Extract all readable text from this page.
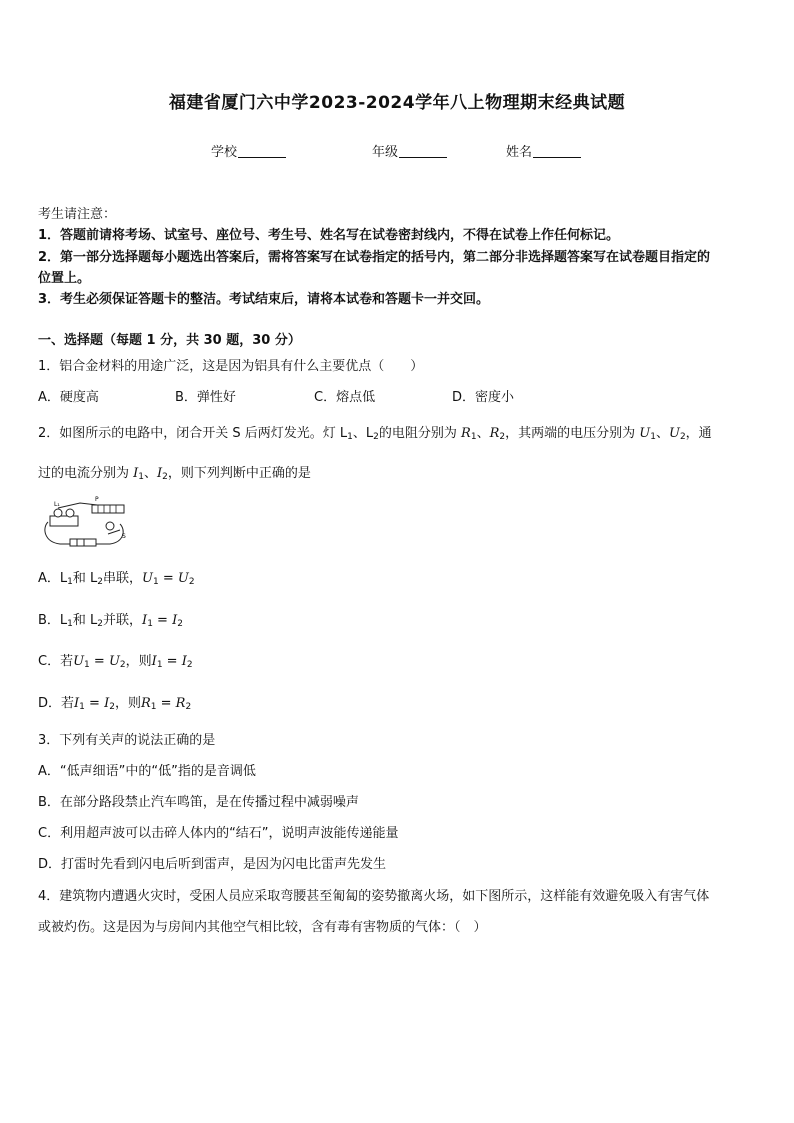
福建省厦门六中学2023-2024学年八上物理期末经典试题
学校	年级	姓名
考生请注意：
1．答题前请将考场、试室号、座位号、考生号、姓名写在试卷密封线内，不得在试卷上作任何标记。
2．第一部分选择题每小题选出答案后，需将答案写在试卷指定的括号内，第二部分非选择题答案写在试卷题目指定的
位置上。
3．考生必须保证答题卡的整洁。考试结束后，请将本试卷和答题卡一并交回。
一、选择题（每题 1 分，共 30 题，30 分）
1．铝合金材料的用途广泛，这是因为铝具有什么主要优点（　　）
A．硬度高	B．弹性好	C．熔点低	D．密度小
2．如图所示的电路中，闭合开关 S 后两灯发光。灯 $L_1$、$L_2$的电阻分别为 $R_1$、$R_2$，其两端的电压分别为 $U_1$、$U_2$，通
过的电流分别为 $I_1$、$I_2$，则下列判断中正确的是
L₁
P
S
A．$L_1$和 $L_2$串联，$U_1 = U_2$
B．$L_1$和 $L_2$并联，$I_1 = I_2$
C．若$U_1 = U_2$，则$I_1 = I_2$
D．若$I_1 = I_2$，则$R_1 = R_2$
3．下列有关声的说法正确的是
A．“低声细语”中的“低”指的是音调低
B．在部分路段禁止汽车鸣笛，是在传播过程中减弱噪声
C．利用超声波可以击碎人体内的“结石”，说明声波能传递能量
D．打雷时先看到闪电后听到雷声，是因为闪电比雷声先发生
4．建筑物内遭遇火灾时，受困人员应采取弯腰甚至匍匐的姿势撤离火场，如下图所示，这样能有效避免吸入有害气体
或被灼伤。这是因为与房间内其他空气相比较，含有毒有害物质的气体：（　）
